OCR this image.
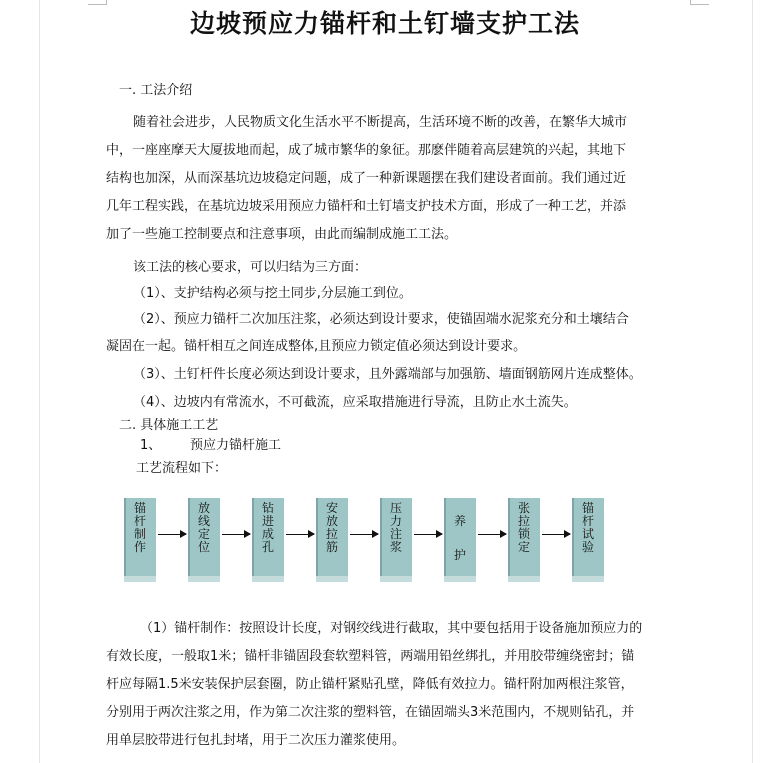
边坡预应力锚杆和土钉墙支护工法
一. 工法介绍
随着社会进步，人民物质文化生活水平不断提高，生活环境不断的改善，在繁华大城市
中，一座座摩天大厦拔地而起，成了城市繁华的象征。那麽伴随着高层建筑的兴起，其地下
结构也加深，从而深基坑边坡稳定问题，成了一种新课题摆在我们建设者面前。我们通过近
几年工程实践，在基坑边坡采用预应力锚杆和土钉墙支护技术方面，形成了一种工艺，并添
加了一些施工控制要点和注意事项，由此而编制成施工工法。
该工法的核心要求，可以归结为三方面：
（1）、支护结构必须与挖土同步,分层施工到位。
（2）、预应力锚杆二次加压注浆，必须达到设计要求，使锚固端水泥浆充分和土壤结合
凝固在一起。锚杆相互之间连成整体,且预应力锁定值必须达到设计要求。
（3）、土钉杆件长度必须达到设计要求，且外露端部与加强筋、墙面钢筋网片连成整体。
（4）、边坡内有常流水，不可截流，应采取措施进行导流，且防止水土流失。
二. 具体施工工艺
1、 预应力锚杆施工
工艺流程如下：
锚杆制作
放线定位
钻进成孔
安放拉筋
压力注浆
养护
张拉锁定
锚杆试验
（1）锚杆制作：按照设计长度，对钢绞线进行截取，其中要包括用于设备施加预应力的
有效长度，一般取1米；锚杆非锚固段套软塑料管，两端用铅丝绑扎，并用胶带缠绕密封；锚
杆应每隔1.5米安装保护层套圈，防止锚杆紧贴孔壁，降低有效拉力。锚杆附加两根注浆管，
分别用于两次注浆之用，作为第二次注浆的塑料管，在锚固端头3米范围内，不规则钻孔，并
用单层胶带进行包扎封堵，用于二次压力灌浆使用。
